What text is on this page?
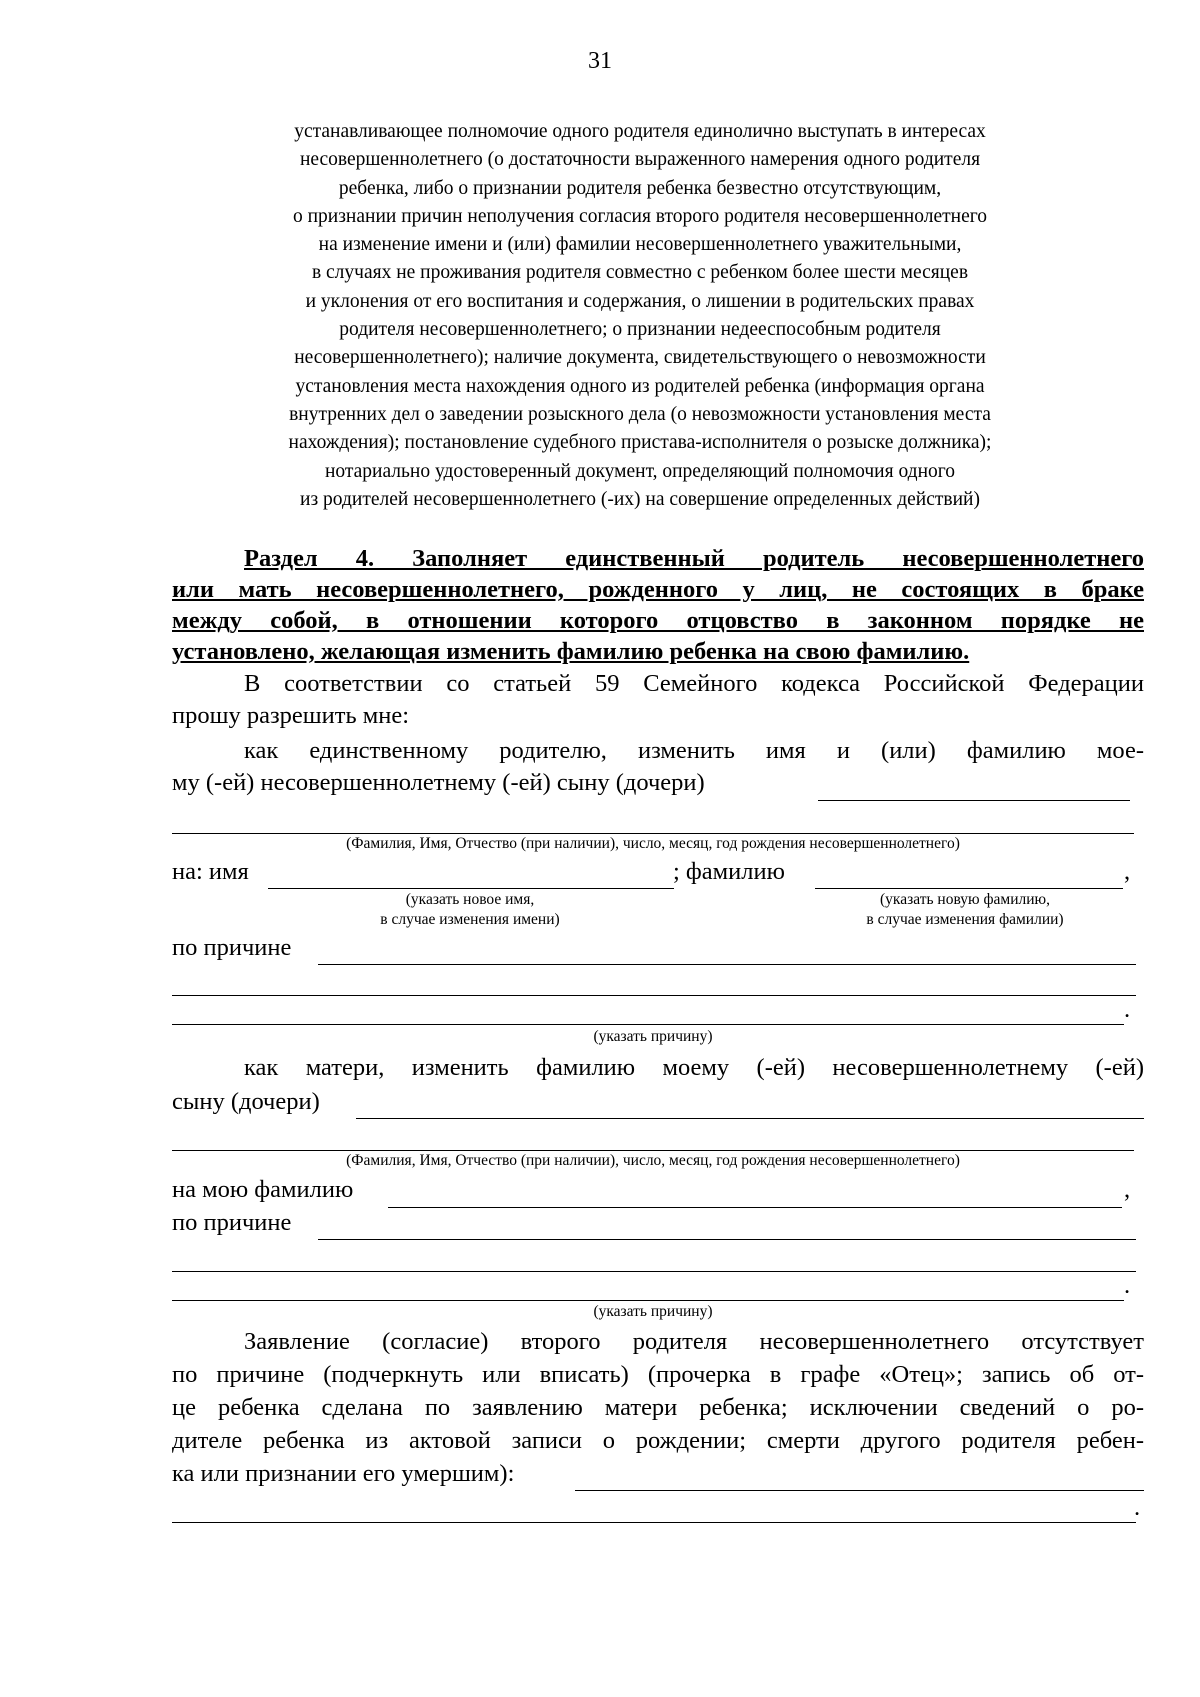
31
устанавливающее полномочие одного родителя единолично выступать в интересах
несовершеннолетнего (о достаточности выраженного намерения одного родителя
ребенка, либо о признании родителя ребенка безвестно отсутствующим,
о признании причин неполучения согласия второго родителя несовершеннолетнего
на изменение имени и (или) фамилии несовершеннолетнего уважительными,
в случаях не проживания родителя совместно с ребенком более шести месяцев
и уклонения от его воспитания и содержания, о лишении в родительских правах
родителя несовершеннолетнего; о признании недееспособным родителя
несовершеннолетнего); наличие документа, свидетельствующего о невозможности
установления места нахождения одного из родителей ребенка (информация органа
внутренних дел о заведении розыскного дела (о невозможности установления места
нахождения); постановление судебного пристава-исполнителя о розыске должника);
нотариально удостоверенный документ, определяющий полномочия одного
из родителей несовершеннолетнего (-их) на совершение определенных действий)
Раздел 4. Заполняет единственный родитель несовершеннолетнего
или мать несовершеннолетнего, рожденного у лиц, не состоящих в браке
между собой, в отношении которого отцовство в законном порядке не
установлено, желающая изменить фамилию ребенка на свою фамилию.
В соответствии со статьей 59 Семейного кодекса Российской Федерации
прошу разрешить мне:
как единственному родителю, изменить имя и (или) фамилию мое-
му (-ей) несовершеннолетнему (-ей) сыну (дочери)
(Фамилия, Имя, Отчество (при наличии), число, месяц, год рождения несовершеннолетнего)
на: имя	; фамилию	,
(указать новое имя,
в случае изменения имени)
(указать новую фамилию,
в случае изменения фамилии)
по причине
.
(указать причину)
как матери, изменить фамилию моему (-ей) несовершеннолетнему (-ей)
сыну (дочери)
(Фамилия, Имя, Отчество (при наличии), число, месяц, год рождения несовершеннолетнего)
на мою фамилию	,
по причине
.
(указать причину)
Заявление (согласие) второго родителя несовершеннолетнего отсутствует
по причине (подчеркнуть или вписать) (прочерка в графе «Отец»; запись об от-
це ребенка сделана по заявлению матери ребенка; исключении сведений о ро-
дителе ребенка из актовой записи о рождении; смерти другого родителя ребен-
ка или признании его умершим):
.
